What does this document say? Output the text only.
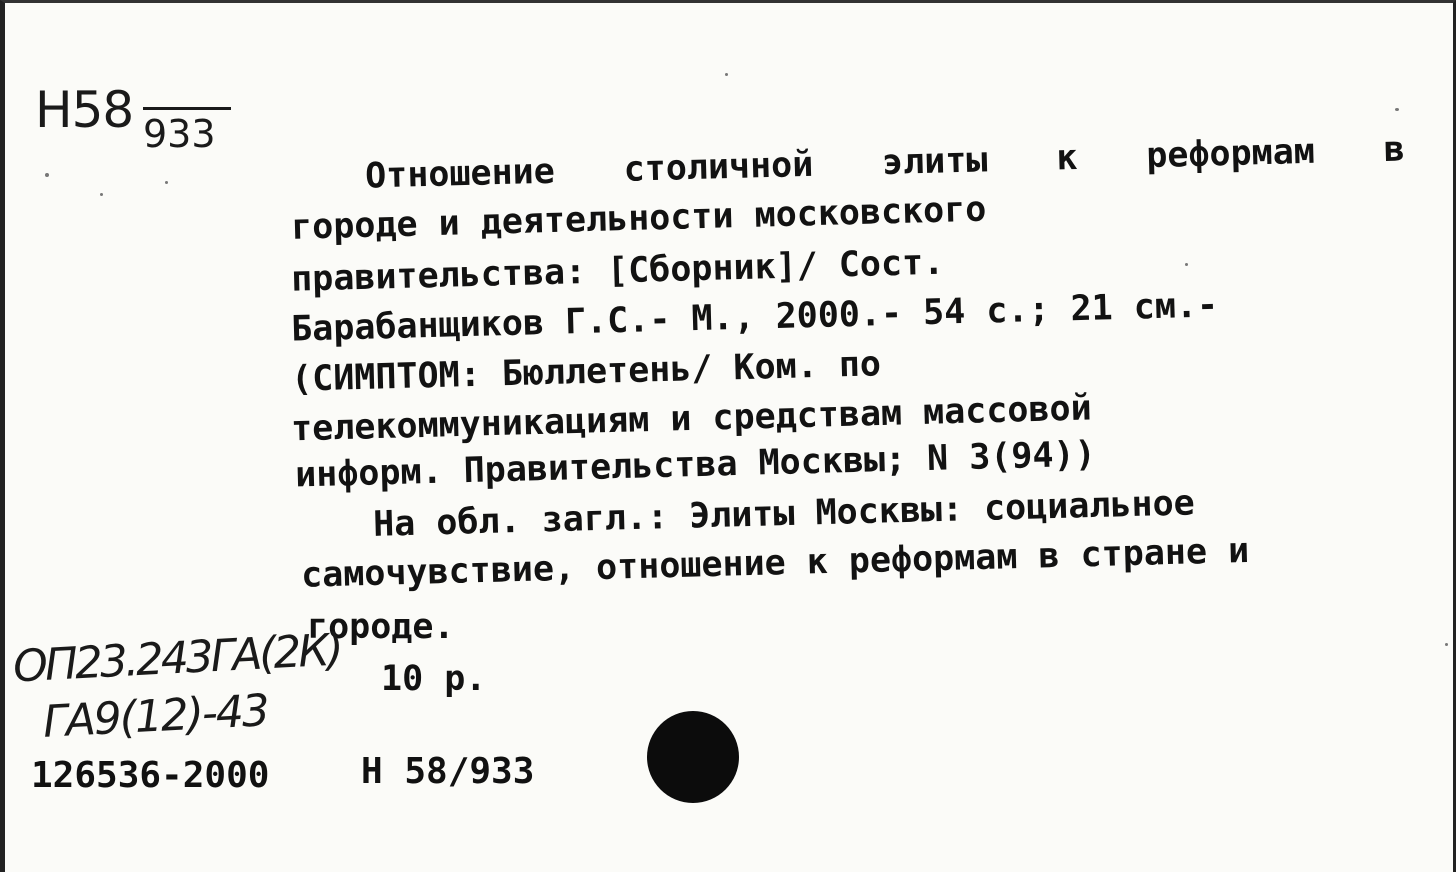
H58 933
Отношение столичной элиты к реформам в
городе и деятельности московского
правительства: [Сборник]/ Сост.
Барабанщиков Г.С.- М., 2000.- 54 с.; 21 см.-
(СИМПТОМ: Бюллетень/ Ком. по
телекоммуникациям и средствам массовой
информ. Правительства Москвы; N 3(94))
На обл. загл.: Элиты Москвы: социальное
самочувствие, отношение к реформам в стране и
городе.
10 р.
ОП23.243ГА(2К)
ГА9(12)-43
126536-2000	Н 58/933
